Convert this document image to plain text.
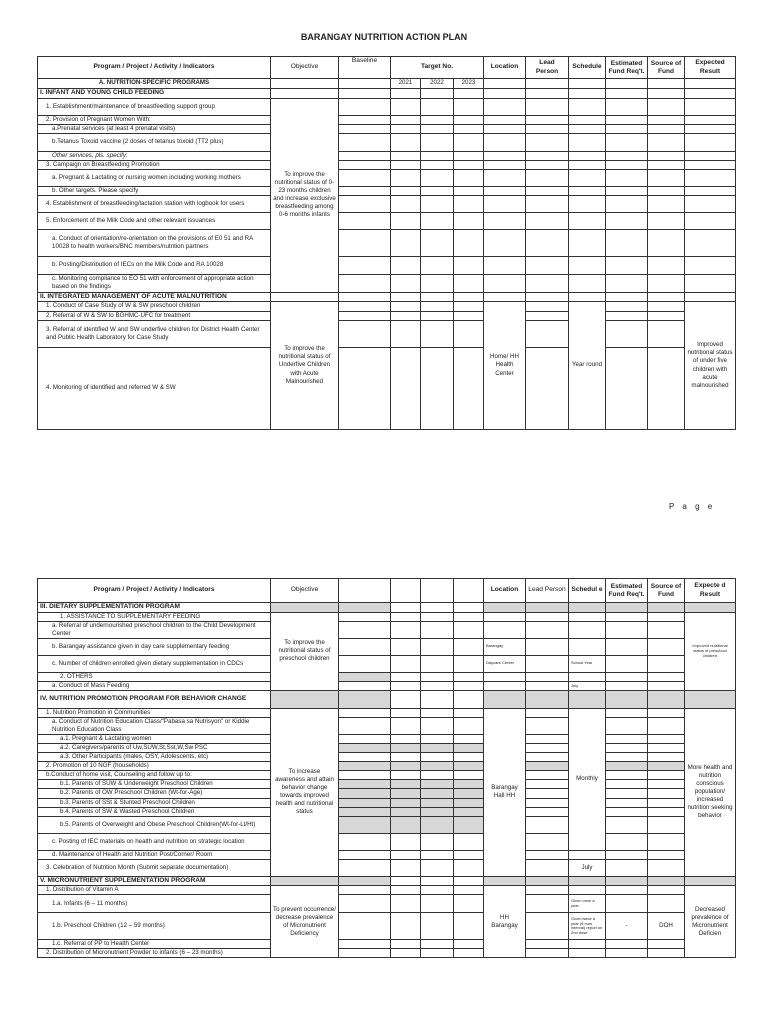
BARANGAY NUTRITION ACTION PLAN
Program / Project / Activity / Indicators	Objective	Baseline	Target No.			Location	Lead Person	Schedule	Estimated Fund Req't.	Source of Fund	Expected Result
A. NUTRITION-SPECIFIC PROGRAMS			2021	2022	2023						
I. INFANT AND YOUNG CHILD FEEDING											
1. Establishment/maintenance of breastfeeding support group	To improve the nutritional status of 0-23 months children and increase exclusive breastfeeding among 0-6 months infants										
2. Provision of Pregnant Women With:											
a.Prenatal services (at least 4 prenatal visits)											
b.Tetanus Toxoid vaccine (2 doses of tetanus toxoid (TT2 plus)											
Other services, pls. specify:											
3. Campaign on Breastfeeding Promotion											
a. Pregnant & Lactating or nursing women including working mothers											
b. Other targets. Please specify											
4. Establishment of breastfeeding/lactation station with logbook for users											
5. Enforcement of the Milk Code and other relevant issuances											
a. Conduct of orientation/re-orientation on the provisions of E0 51 and RA 10028 to health workers/BNC members/nutrition partners											
b. Posting/Distribution of IECs on the Milk Code and RA 10028											
c. Monitoring compliance to EO 51 with enforcement of appropriate action based on the findings											
II. INTEGRATED MANAGEMENT OF ACUTE MALNUTRITION											
1. Conduct of Case Study of W & SW preschool children	To improve the nutritional status of Underfive Children with Acute Malnourished					Home/ HH Health Center		Year round			Improved nutritional status of under five children with acute malnourished
2. Referral of W & SW to BGHMC-UFC for treatment											
3. Referral of identified W and SW underfive children for District Health Center and Public Health Laboratory for Case Study											
4. Monitoring of identified and referred W & SW											
P a g e
Program / Project / Activity / Indicators	Objective					Location	Lead Person	Schedul e	Estimated Fund Req't.	Source of Fund	Expecte d Result
III. DIETARY SUPPLEMENTATION PROGRAM											
1. ASSISTANCE TO SUPPLEMENTARY FEEDING	To improve the nutritional status of preschool children										Improved nutritional status of preschool children
a. Referral of undernourished preschool children to the Child Development Center											
b. Barangay assistance given in day care supplementary feeding						Barangay					
c. Number of children enrolled given dietary supplementation in CDCs						Daycare Center		School Year			
2. OTHERS											
a. Conduct of Mass Feeding								July			
IV. NUTRITION PROMOTION PROGRAM FOR BEHAVIOR CHANGE											
1. Nutrition Promotion in Communities	To increase awareness and attain behavior change towards improved health and nutritional status					Barangay Hall HH		Monthly			More health and nutrition conscious population/ increased nutrition seeking behavior
a. Conduct of Nutrition Education Class/"Pabasa sa Nutrisyon" or Kiddie Nutrition Education Class											
a.1. Pregnant & Lactating women											
a.2. Caregivers/parents of Uw,SUW,St,Sst,W,Sw PSC											
a.3. Other Participants (males, OSY, Adolescents, etc)											
2. Promotion of 10 NGF (households)											
b.Conduct of home visit, Counseling and follow up to:											
b.1. Parents of SUW & Underweight Preschool Children											
b.2. Parents of OW Preschool Children (Wt-for-Age)											
b.3. Parents of SSt & Stunted Preschool Children											
b.4. Parents of SW & Wasted Preschool Children											
b.5. Parents of Overweight and Obese Preschool Children(Wt-for-Lt/Ht)											
c. Posting of IEC materials on health and nutrition on strategic location											
d. Maintenance of Health and Nutrition Post/Corner/ Room											
3. Celebration of Nutrition Month (Submit separate documentation)								July			
V. MICRONUTRIENT SUPPLEMENTATION PROGRAM											
1. Distribution of Vitamin A	To prevent occurrence/ decrease prevalence of Micronutrient Deficiency					HH Barangay					Decreased prevalence of Micronutrient Deficien
1.a. Infants (6 – 11 months)								Given once a year			
1.b. Preschool Children (12 – 59 months)								Given twice a year (6 mos interval) report on 2nd dose	-	DOH	
1.c. Referral of PP to Health Center											
2. Distribution of Micronutrient Powder to infants (6 – 23 months)											
